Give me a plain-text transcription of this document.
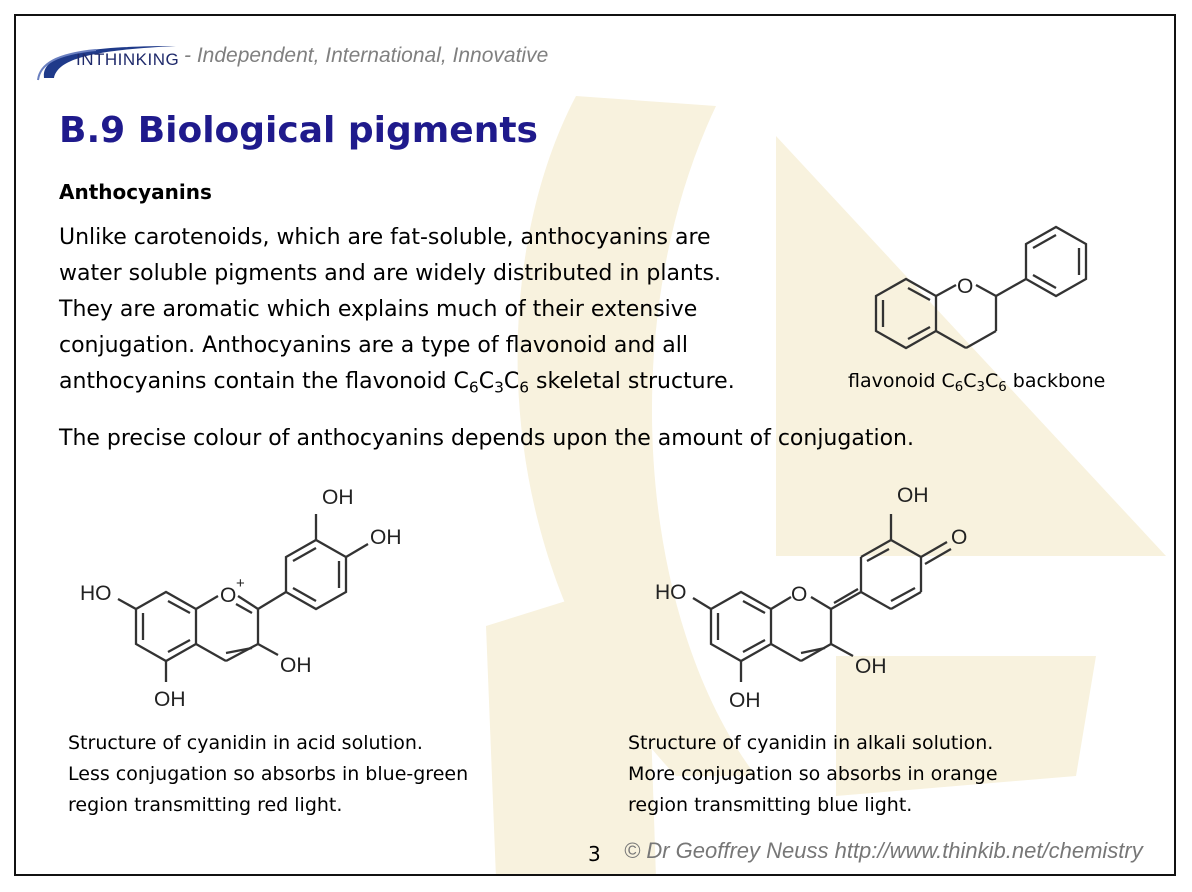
INTHINKING - Independent, International, Innovative
B.9 Biological pigments
Anthocyanins

Unlike carotenoids, which are fat-soluble, anthocyanins are

water soluble pigments and are widely distributed in plants.

They are aromatic which explains much of their extensive

conjugation. Anthocyanins are a type of flavonoid and all

anthocyanins contain the flavonoid $C_6C_3C_6$ skeletal structure.

O
flavonoid $C_6C_3C_6$ backbone
The precise colour of anthocyanins depends upon the amount of conjugation.
O
+
HO
OH
OH
OH
OH
O
HO
OH
OH
OH
O

Structure of cyanidin in acid solution.

Less conjugation so absorbs in blue-green

region transmitting red light.

Structure of cyanidin in alkali solution.

More conjugation so absorbs in orange

region transmitting blue light.

3 © Dr Geoffrey Neuss http://www.thinkib.net/chemistry
